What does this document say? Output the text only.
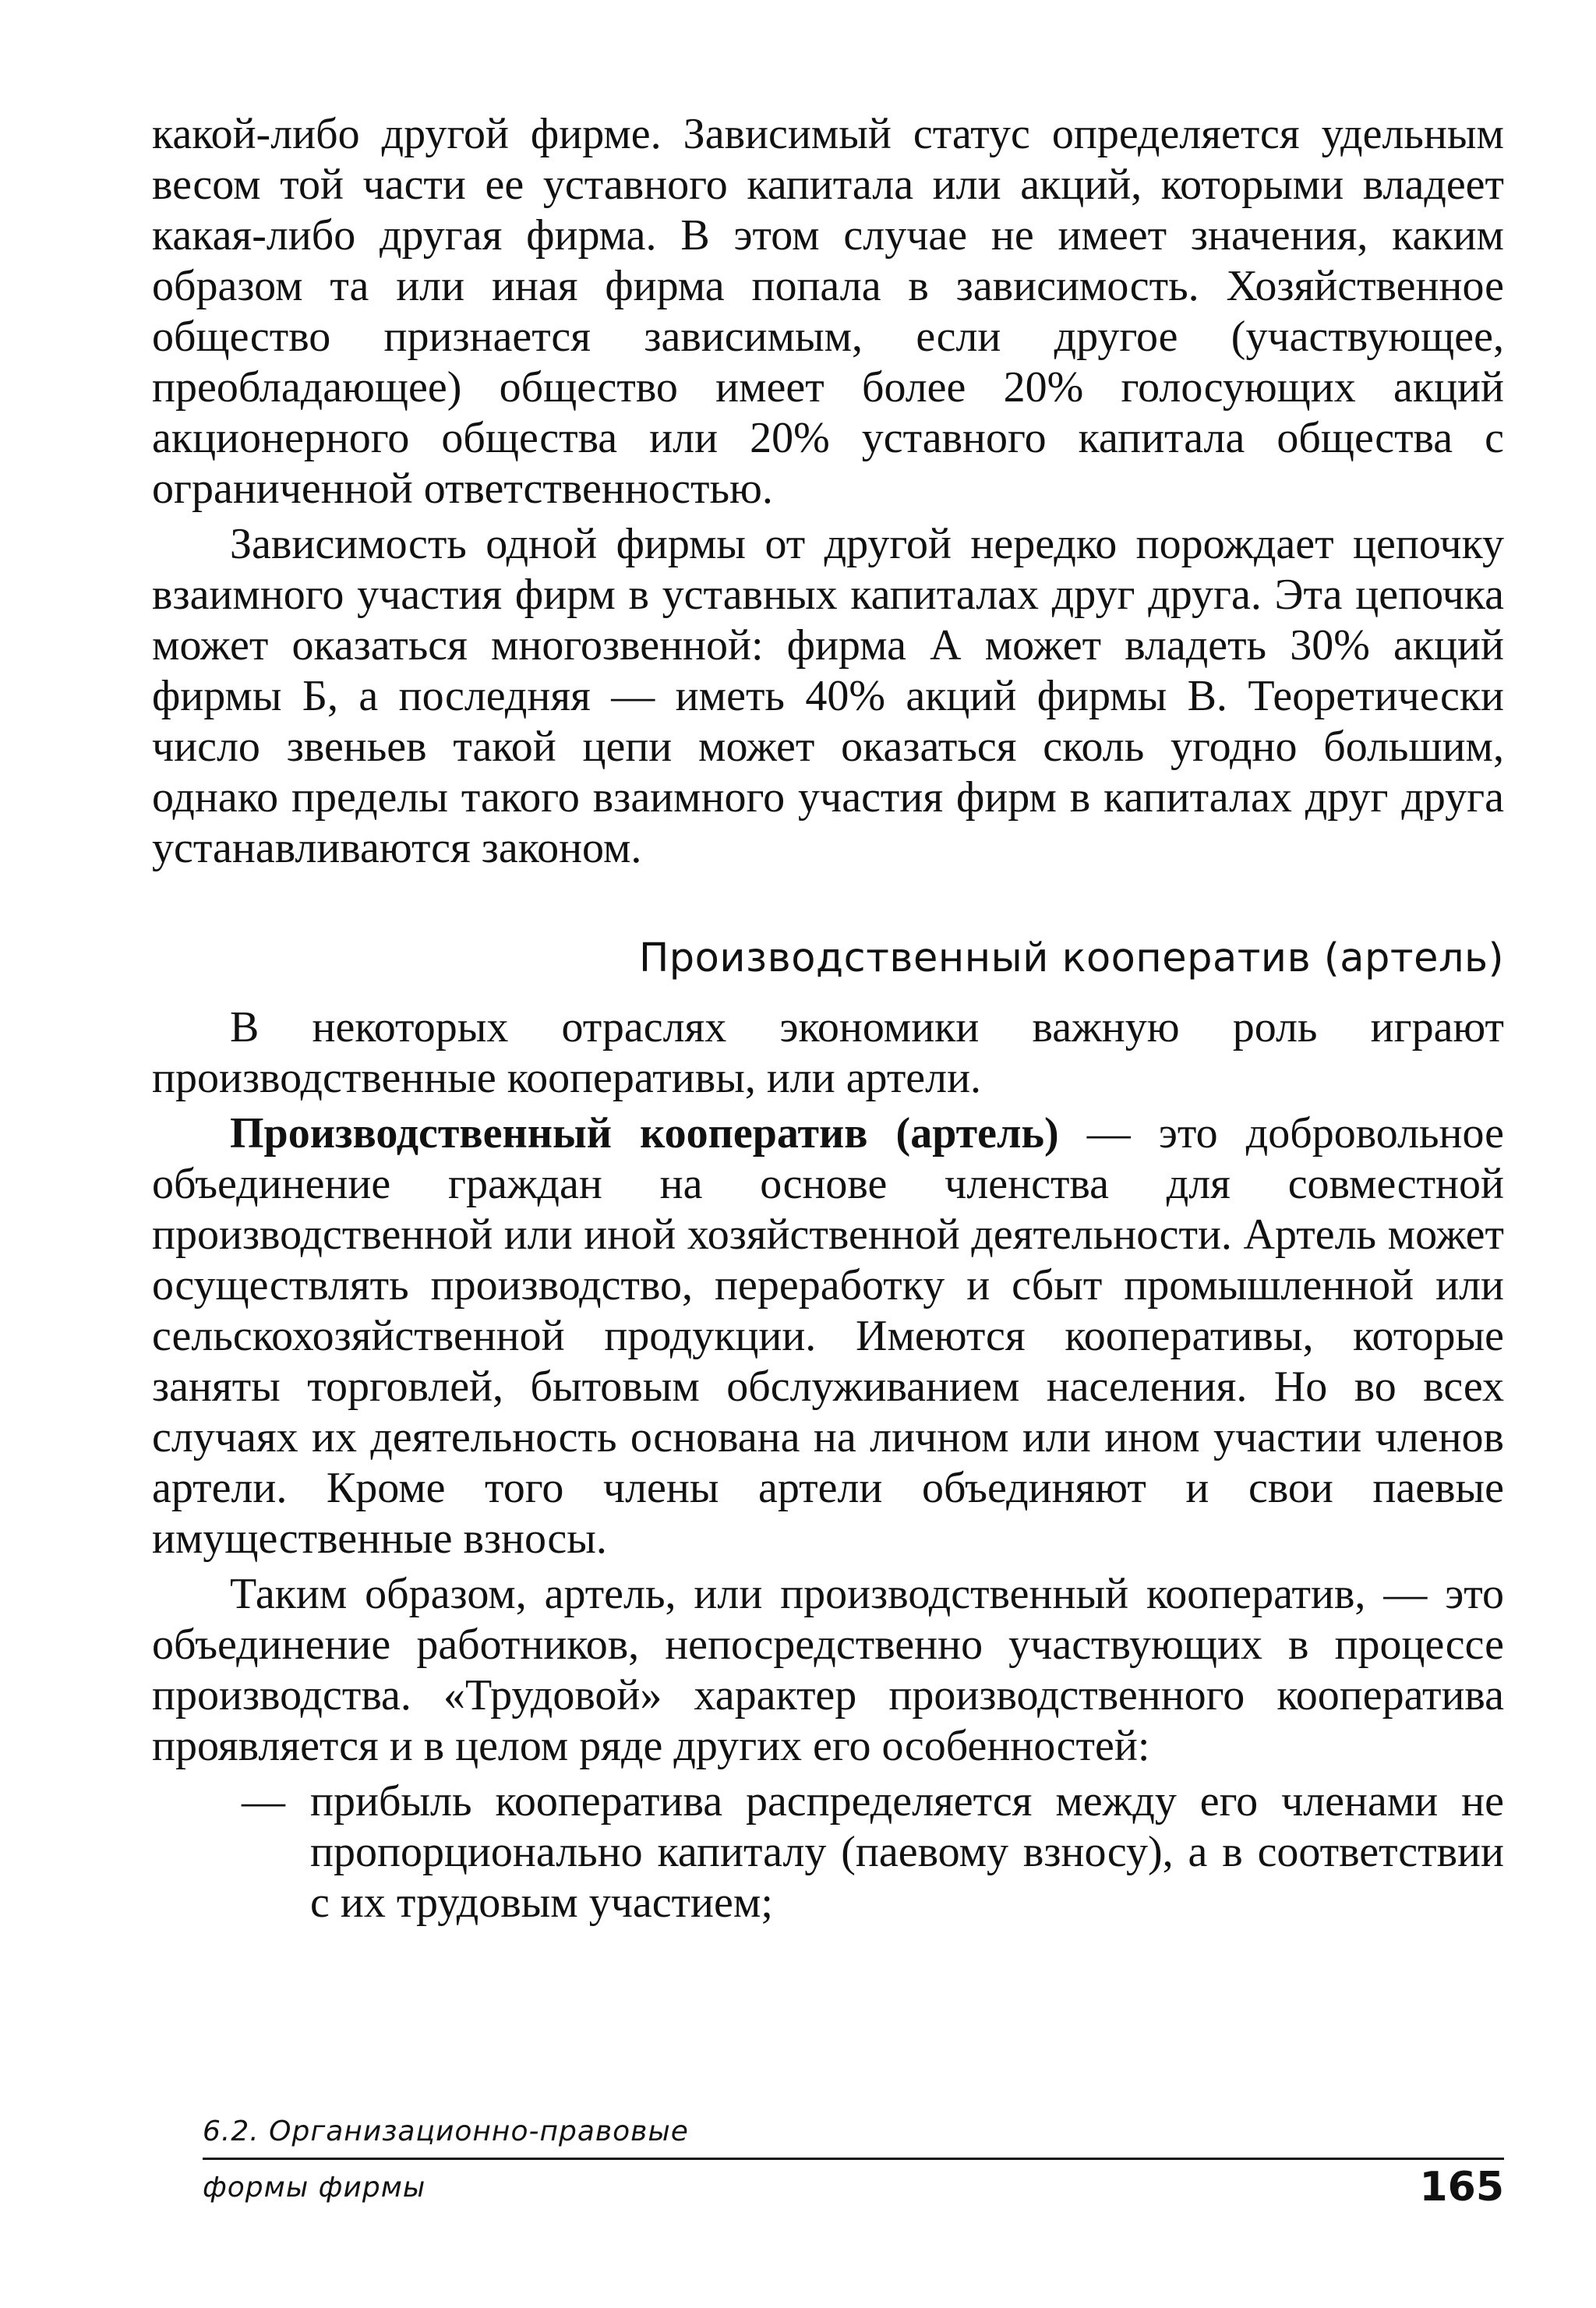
какой-либо другой фирме. Зависимый статус определяется удельным весом той части ее уставного капитала или акций, которыми владеет какая-либо другая фирма. В этом случае не имеет значения, каким образом та или иная фирма попала в зависимость. Хозяйственное общество признается зависимым, если другое (участвующее, преобладающее) общество имеет более 20% голосующих акций акционерного общества или 20% уставного капитала общества с ограниченной ответственностью.

Зависимость одной фирмы от другой нередко порождает цепочку взаимного участия фирм в уставных капиталах друг друга. Эта цепочка может оказаться многозвенной: фирма А может владеть 30% акций фирмы Б, а последняя — иметь 40% акций фирмы В. Теоретически число звеньев такой цепи может оказаться сколь угодно большим, однако пределы такого взаимного участия фирм в капиталах друг друга устанавливаются законом.

Производственный кооператив (артель)

В некоторых отраслях экономики важную роль играют производственные кооперативы, или артели.

Производственный кооператив (артель) — это добровольное объединение граждан на основе членства для совместной производственной или иной хозяйственной деятельности. Артель может осуществлять производство, переработку и сбыт промышленной или сельскохозяйственной продукции. Имеются кооперативы, которые заняты торговлей, бытовым обслуживанием населения. Но во всех случаях их деятельность основана на личном или ином участии членов артели. Кроме того члены артели объединяют и свои паевые имущественные взносы.

Таким образом, артель, или производственный кооператив, — это объединение работников, непосредственно участвующих в процессе производства. «Трудовой» характер производственного кооператива проявляется и в целом ряде других его особенностей:

— прибыль кооператива распределяется между его членами не пропорционально капиталу (паевому взносу), а в соответствии с их трудовым участием;
6.2. Организационно-правовые
формы фирмы	165
